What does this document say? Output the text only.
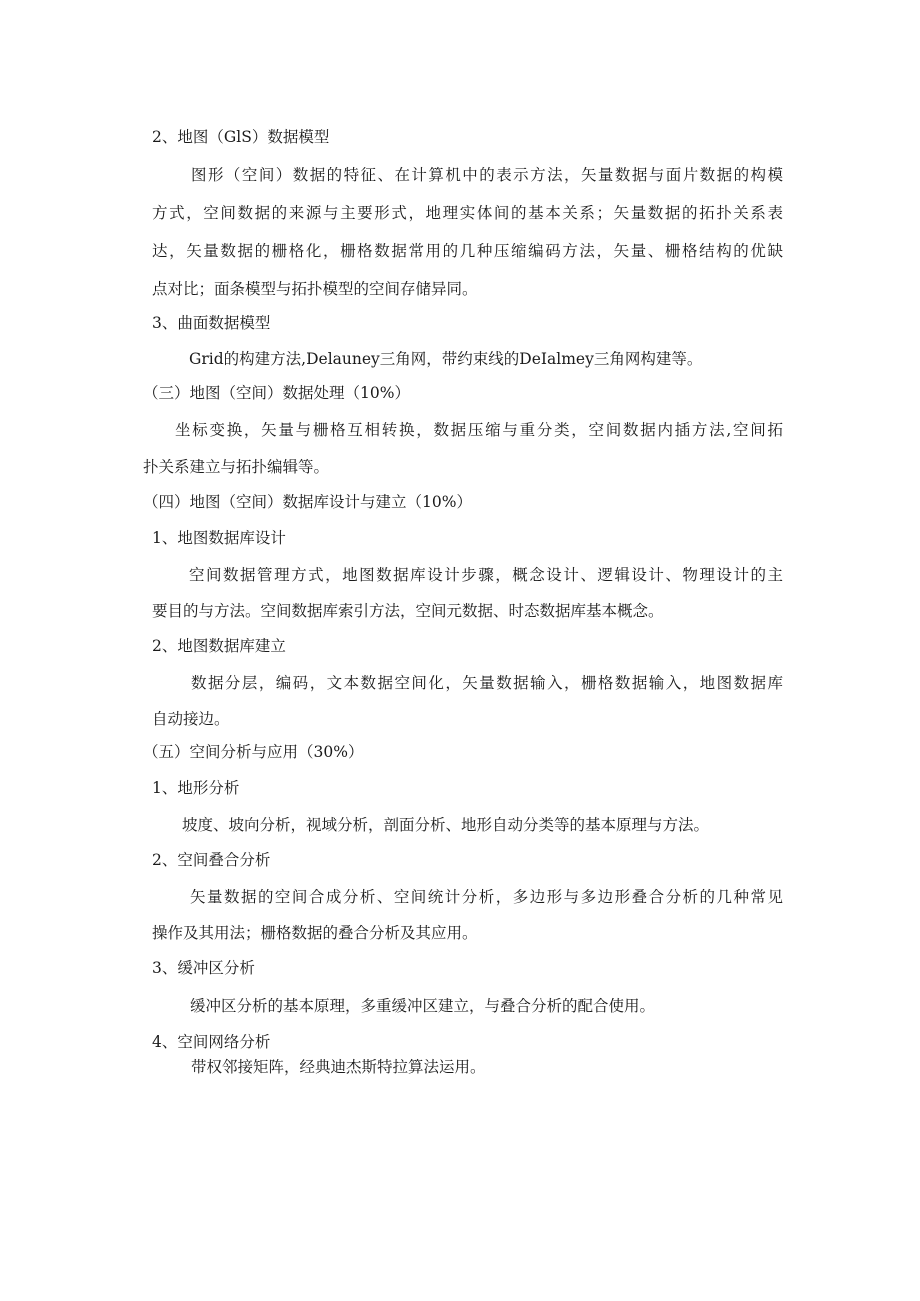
2、地图（GlS）数据模型
图形（空间）数据的特征、在计算机中的表示方法，矢量数据与面片数据的构模
方式，空间数据的来源与主要形式，地理实体间的基本关系；矢量数据的拓扑关系表
达，矢量数据的栅格化，栅格数据常用的几种压缩编码方法，矢量、栅格结构的优缺
点对比；面条模型与拓扑模型的空间存储异同。
3、曲面数据模型
Grid的构建方法,Delauney三角网，带约束线的DeIalmey三角网构建等。
（三）地图（空间）数据处理（10%）
坐标变换，矢量与栅格互相转换，数据压缩与重分类，空间数据内插方法,空间拓
扑关系建立与拓扑编辑等。
（四）地图（空间）数据库设计与建立（10%）
1、地图数据库设计
空间数据管理方式，地图数据库设计步骤，概念设计、逻辑设计、物理设计的主
要目的与方法。空间数据库索引方法，空间元数据、时态数据库基本概念。
2、地图数据库建立
数据分层，编码，文本数据空间化，矢量数据输入，栅格数据输入，地图数据库
自动接边。
（五）空间分析与应用（30%）
1、地形分析
坡度、坡向分析，视域分析，剖面分析、地形自动分类等的基本原理与方法。
2、空间叠合分析
矢量数据的空间合成分析、空间统计分析，多边形与多边形叠合分析的几种常见
操作及其用法；栅格数据的叠合分析及其应用。
3、缓冲区分析
缓冲区分析的基本原理，多重缓冲区建立，与叠合分析的配合使用。
4、空间网络分析
带权邻接矩阵，经典迪杰斯特拉算法运用。
